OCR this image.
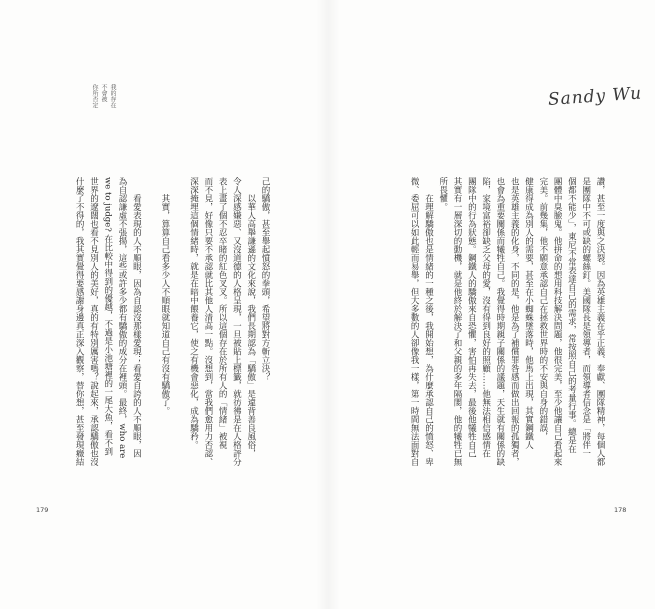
我的存在
不會被
你所否定	Sandy Wu
讚，甚至一度與之決裂。因為英雄主義在乎正義、奉獻、團隊精神，每個人都
是團隊中不可或缺的螺絲釘。美國隊長是領導者，而領導者信念是「將伴一
個都不能少」，東尼不常表達自己的需求，常按照自己的考量行事。總是在
團體中臭臉鬼。他拼命的想用科技解決問題，他很完美，至少他讓自己看起來
完美。前幾集，他不願意承認自己在拯救世界時的不安與自身的錯誤，
健康得成為別人的需要，甚至在小蜘蛛墜落時，他馬上出現，其實鋼鐵人
也是英雄主義的化身，不同的是，他是為了補償罪咎感而做出回報的孤獨者，
也會為重要關係而犧牲自己。我覺得時期親子關係的議題，天生就有關係的缺
陷，家境富裕卻缺乏父母的愛，沒有得到良好的照顧……他無法相信感情在
團隊中的行為狀態。鋼鐵人的驕傲來自恐懼，害怕再失去，最後他犧牲自己
其實有一層深切的動機，就是他終於解決了和父親的多年隔閡，他的犧牲已無
所畏懼。
在理解驕傲也是情緒的一種之後，我開始想，為什麼承認自己的憤怒、卑
微、委屈可以如此輕而易舉，但大多數的人卻像我一樣，第一時間無法面對自
己的驕傲，甚至舉起憤怒的拳頭，希望將對方斬立決？
以華人高舉謙遜的文化來說，我們長期認為「驕傲」是違背善良風俗，
令人深感嫌惡、又沒道德的人格呈現，一旦被貼上標籤，就彷彿是在人格評分
表上畫了個不忍卒睹的紅色叉叉。所以這個存在於所有人的「情緒」被視
而不見，好像只要不承認就比其他人清高一點。沒想到，當我們愈用力否認、
深深掩埋這個情緒時，就是在暗中餵養它，使之有機會惡化，成為驕矜。
其實，算算自己看多少人不順眼就知道自己有沒有驕傲了。
看愛表現的人不順眼，因為自認沒那樣愛現；看愛自誇的人不順眼，因
為自認謙虛不張揚，這些或許多少都有驕傲的成分在裡頭。最終，who are
we to judge? 在比較中得到的優越，不過是小池塘裡的一尾大魚，看不到
世界的遼闊也看不見別人的美好，真的有特別厲害嗎？說起來，承認驕傲也沒
什麼了不得的，我其實覺得要感謝身邊真正深入觀察，替你想，甚至發現癥結
179	178
